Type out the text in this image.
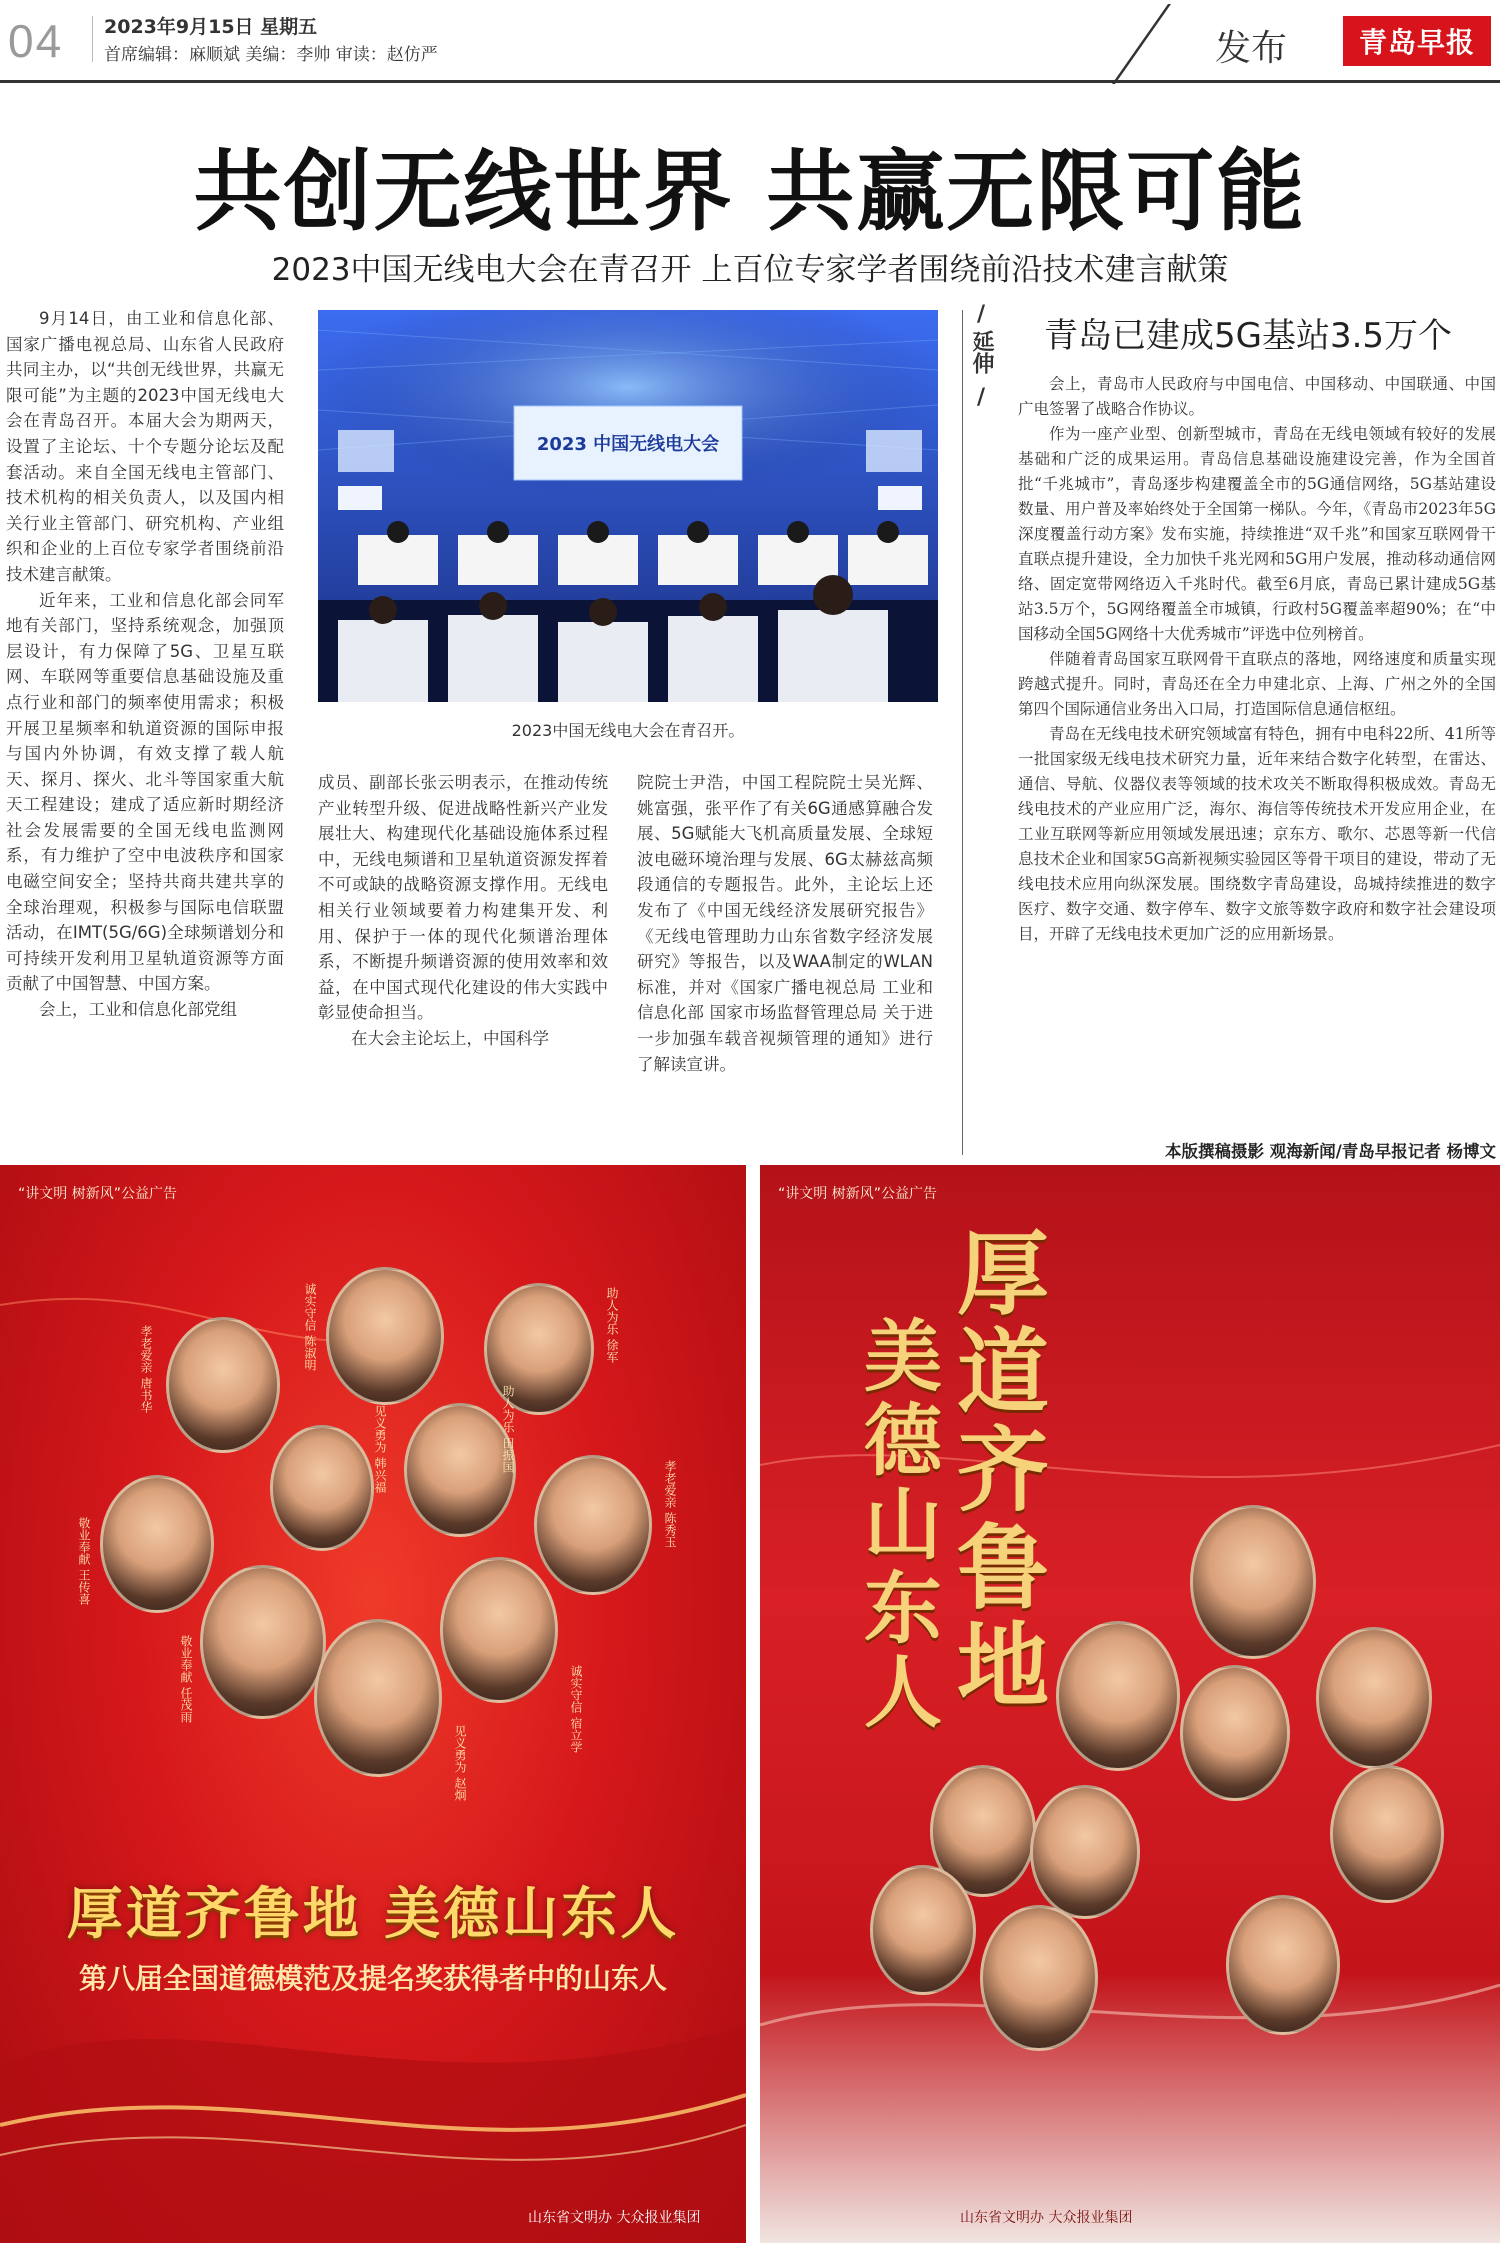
04 2023年9月15日 星期五
首席编辑：麻顺斌 美编：李帅 审读：赵仿严	发布	青岛早报
共创无线世界 共赢无限可能
2023中国无线电大会在青召开 上百位专家学者围绕前沿技术建言献策

9月14日，由工业和信息化部、国家广播电视总局、山东省人民政府共同主办，以“共创无线世界，共赢无限可能”为主题的2023中国无线电大会在青岛召开。本届大会为期两天，设置了主论坛、十个专题分论坛及配套活动。来自全国无线电主管部门、技术机构的相关负责人，以及国内相关行业主管部门、研究机构、产业组织和企业的上百位专家学者围绕前沿技术建言献策。

近年来，工业和信息化部会同军地有关部门，坚持系统观念，加强顶层设计，有力保障了5G、卫星互联网、车联网等重要信息基础设施及重点行业和部门的频率使用需求；积极开展卫星频率和轨道资源的国际申报与国内外协调，有效支撑了载人航天、探月、探火、北斗等国家重大航天工程建设；建成了适应新时期经济社会发展需要的全国无线电监测网系，有力维护了空中电波秩序和国家电磁空间安全；坚持共商共建共享的全球治理观，积极参与国际电信联盟活动，在IMT(5G/6G)全球频谱划分和可持续开发利用卫星轨道资源等方面贡献了中国智慧、中国方案。

会上，工业和信息化部党组

2023 中国无线电大会
2023中国无线电大会在青召开。

成员、副部长张云明表示，在推动传统产业转型升级、促进战略性新兴产业发展壮大、构建现代化基础设施体系过程中，无线电频谱和卫星轨道资源发挥着不可或缺的战略资源支撑作用。无线电相关行业领域要着力构建集开发、利用、保护于一体的现代化频谱治理体系，不断提升频谱资源的使用效率和效益，在中国式现代化建设的伟大实践中彰显使命担当。

在大会主论坛上，中国科学

院院士尹浩，中国工程院院士吴光辉、姚富强，张平作了有关6G通感算融合发展、5G赋能大飞机高质量发展、全球短波电磁环境治理与发展、6G太赫兹高频段通信的专题报告。此外，主论坛上还发布了《中国无线经济发展研究报告》《无线电管理助力山东省数字经济发展研究》等报告，以及WAA制定的WLAN标准，并对《国家广播电视总局 工业和信息化部 国家市场监督管理总局 关于进一步加强车载音视频管理的通知》进行了解读宣讲。

/
延伸
/
青岛已建成5G基站3.5万个

会上，青岛市人民政府与中国电信、中国移动、中国联通、中国广电签署了战略合作协议。

作为一座产业型、创新型城市，青岛在无线电领域有较好的发展基础和广泛的成果运用。青岛信息基础设施建设完善，作为全国首批“千兆城市”，青岛逐步构建覆盖全市的5G通信网络，5G基站建设数量、用户普及率始终处于全国第一梯队。今年，《青岛市2023年5G深度覆盖行动方案》发布实施，持续推进“双千兆”和国家互联网骨干直联点提升建设，全力加快千兆光网和5G用户发展，推动移动通信网络、固定宽带网络迈入千兆时代。截至6月底，青岛已累计建成5G基站3.5万个，5G网络覆盖全市城镇，行政村5G覆盖率超90%；在“中国移动全国5G网络十大优秀城市”评选中位列榜首。

伴随着青岛国家互联网骨干直联点的落地，网络速度和质量实现跨越式提升。同时，青岛还在全力申建北京、上海、广州之外的全国第四个国际通信业务出入口局，打造国际信息通信枢纽。

青岛在无线电技术研究领域富有特色，拥有中电科22所、41所等一批国家级无线电技术研究力量，近年来结合数字化转型，在雷达、通信、导航、仪器仪表等领域的技术攻关不断取得积极成效。青岛无线电技术的产业应用广泛，海尔、海信等传统技术开发应用企业，在工业互联网等新应用领域发展迅速；京东方、歌尔、芯恩等新一代信息技术企业和国家5G高新视频实验园区等骨干项目的建设，带动了无线电技术应用向纵深发展。围绕数字青岛建设，岛城持续推进的数字医疗、数字交通、数字停车、数字文旅等数字政府和数字社会建设项目，开辟了无线电技术更加广泛的应用新场景。

本版撰稿摄影 观海新闻/青岛早报记者 杨博文
“讲文明 树新风”公益广告
孝老爱亲 唐书华	诚实守信 陈淑明	助人为乐 徐军
助人为乐 田振国
孝老爱亲 陈秀玉
敬业奉献 王传喜
敬业奉献 任茂雨	诚实守信 宿立学
见义勇为 赵炯
见义勇为 韩兴福
山东省文明办 大众报业集团
厚道齐鲁地 美德山东人
第八届全国道德模范及提名奖获得者中的山东人
“讲文明 树新风”公益广告
厚道齐鲁地
美德山东人
山东省文明办 大众报业集团
